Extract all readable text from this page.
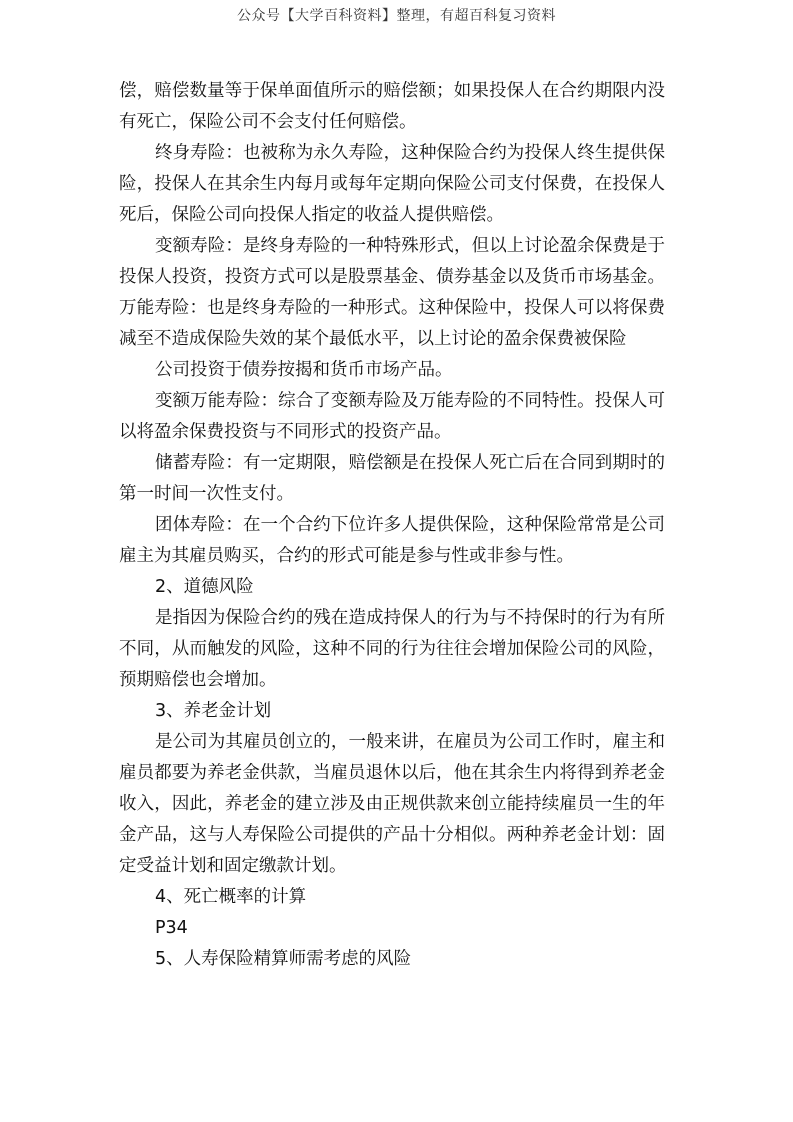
公众号【大学百科资料】整理，有超百科复习资料

偿，赔偿数量等于保单面值所示的赔偿额；如果投保人在合约期限内没有死亡，保险公司不会支付任何赔偿。

终身寿险：也被称为永久寿险，这种保险合约为投保人终生提供保险，投保人在其余生内每月或每年定期向保险公司支付保费，在投保人死后，保险公司向投保人指定的收益人提供赔偿。

变额寿险：是终身寿险的一种特殊形式，但以上讨论盈余保费是于投保人投资，投资方式可以是股票基金、债券基金以及货币市场基金。万能寿险：也是终身寿险的一种形式。这种保险中，投保人可以将保费减至不造成保险失效的某个最低水平，以上讨论的盈余保费被保险

公司投资于债券按揭和货币市场产品。

变额万能寿险：综合了变额寿险及万能寿险的不同特性。投保人可以将盈余保费投资与不同形式的投资产品。

储蓄寿险：有一定期限，赔偿额是在投保人死亡后在合同到期时的第一时间一次性支付。

团体寿险：在一个合约下位许多人提供保险，这种保险常常是公司雇主为其雇员购买，合约的形式可能是参与性或非参与性。

2、道德风险

是指因为保险合约的残在造成持保人的行为与不持保时的行为有所不同，从而触发的风险，这种不同的行为往往会增加保险公司的风险，预期赔偿也会增加。

3、养老金计划

是公司为其雇员创立的，一般来讲，在雇员为公司工作时，雇主和雇员都要为养老金供款，当雇员退休以后，他在其余生内将得到养老金收入，因此，养老金的建立涉及由正规供款来创立能持续雇员一生的年金产品，这与人寿保险公司提供的产品十分相似。两种养老金计划：固定受益计划和固定缴款计划。

4、死亡概率的计算

P34

5、人寿保险精算师需考虑的风险
